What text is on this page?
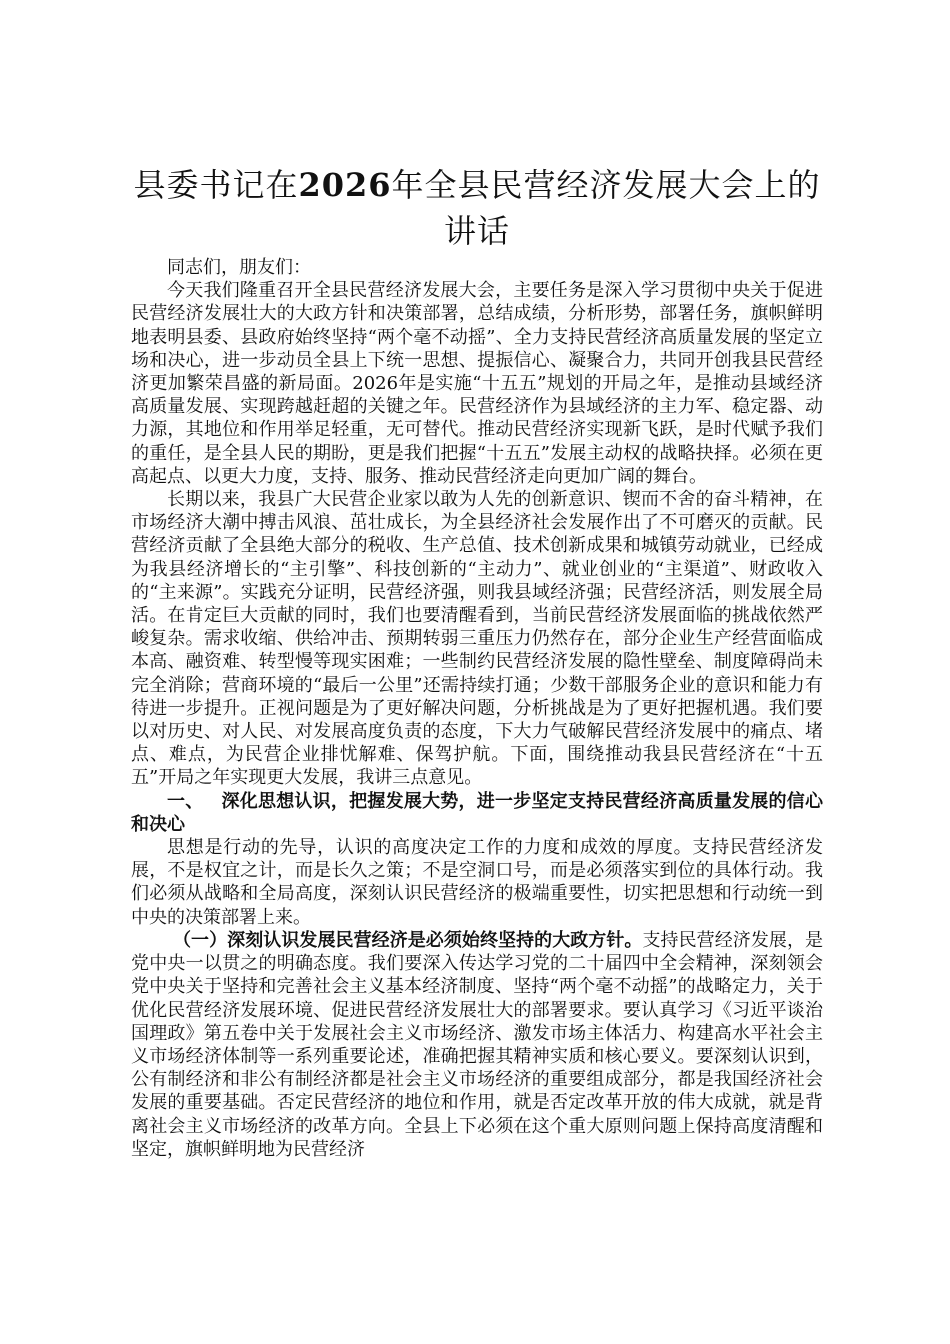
县委书记在2026年全县民营经济发展大会上的讲话

同志们，朋友们：

今天我们隆重召开全县民营经济发展大会，主要任务是深入学习贯彻中央关于促进民营经济发展壮大的大政方针和决策部署，总结成绩，分析形势，部署任务，旗帜鲜明地表明县委、县政府始终坚持“两个毫不动摇”、全力支持民营经济高质量发展的坚定立场和决心，进一步动员全县上下统一思想、提振信心、凝聚合力，共同开创我县民营经济更加繁荣昌盛的新局面。2026年是实施“十五五”规划的开局之年，是推动县域经济高质量发展、实现跨越赶超的关键之年。民营经济作为县域经济的主力军、稳定器、动力源，其地位和作用举足轻重，无可替代。推动民营经济实现新飞跃，是时代赋予我们的重任，是全县人民的期盼，更是我们把握“十五五”发展主动权的战略抉择。必须在更高起点、以更大力度，支持、服务、推动民营经济走向更加广阔的舞台。

长期以来，我县广大民营企业家以敢为人先的创新意识、锲而不舍的奋斗精神，在市场经济大潮中搏击风浪、茁壮成长，为全县经济社会发展作出了不可磨灭的贡献。民营经济贡献了全县绝大部分的税收、生产总值、技术创新成果和城镇劳动就业，已经成为我县经济增长的“主引擎”、科技创新的“主动力”、就业创业的“主渠道”、财政收入的“主来源”。实践充分证明，民营经济强，则我县域经济强；民营经济活，则发展全局活。在肯定巨大贡献的同时，我们也要清醒看到，当前民营经济发展面临的挑战依然严峻复杂。需求收缩、供给冲击、预期转弱三重压力仍然存在，部分企业生产经营面临成本高、融资难、转型慢等现实困难；一些制约民营经济发展的隐性壁垒、制度障碍尚未完全消除；营商环境的“最后一公里”还需持续打通；少数干部服务企业的意识和能力有待进一步提升。正视问题是为了更好解决问题，分析挑战是为了更好把握机遇。我们要以对历史、对人民、对发展高度负责的态度，下大力气破解民营经济发展中的痛点、堵点、难点，为民营企业排忧解难、保驾护航。下面，围绕推动我县民营经济在“十五五”开局之年实现更大发展，我讲三点意见。

一、 深化思想认识，把握发展大势，进一步坚定支持民营经济高质量发展的信心和决心

思想是行动的先导，认识的高度决定工作的力度和成效的厚度。支持民营经济发展，不是权宜之计，而是长久之策；不是空洞口号，而是必须落实到位的具体行动。我们必须从战略和全局高度，深刻认识民营经济的极端重要性，切实把思想和行动统一到中央的决策部署上来。

（一）深刻认识发展民营经济是必须始终坚持的大政方针。支持民营经济发展，是党中央一以贯之的明确态度。我们要深入传达学习党的二十届四中全会精神，深刻领会党中央关于坚持和完善社会主义基本经济制度、坚持“两个毫不动摇”的战略定力，关于优化民营经济发展环境、促进民营经济发展壮大的部署要求。要认真学习《习近平谈治国理政》第五卷中关于发展社会主义市场经济、激发市场主体活力、构建高水平社会主义市场经济体制等一系列重要论述，准确把握其精神实质和核心要义。要深刻认识到，公有制经济和非公有制经济都是社会主义市场经济的重要组成部分，都是我国经济社会发展的重要基础。否定民营经济的地位和作用，就是否定改革开放的伟大成就，就是背离社会主义市场经济的改革方向。全县上下必须在这个重大原则问题上保持高度清醒和坚定，旗帜鲜明地为民营经济
